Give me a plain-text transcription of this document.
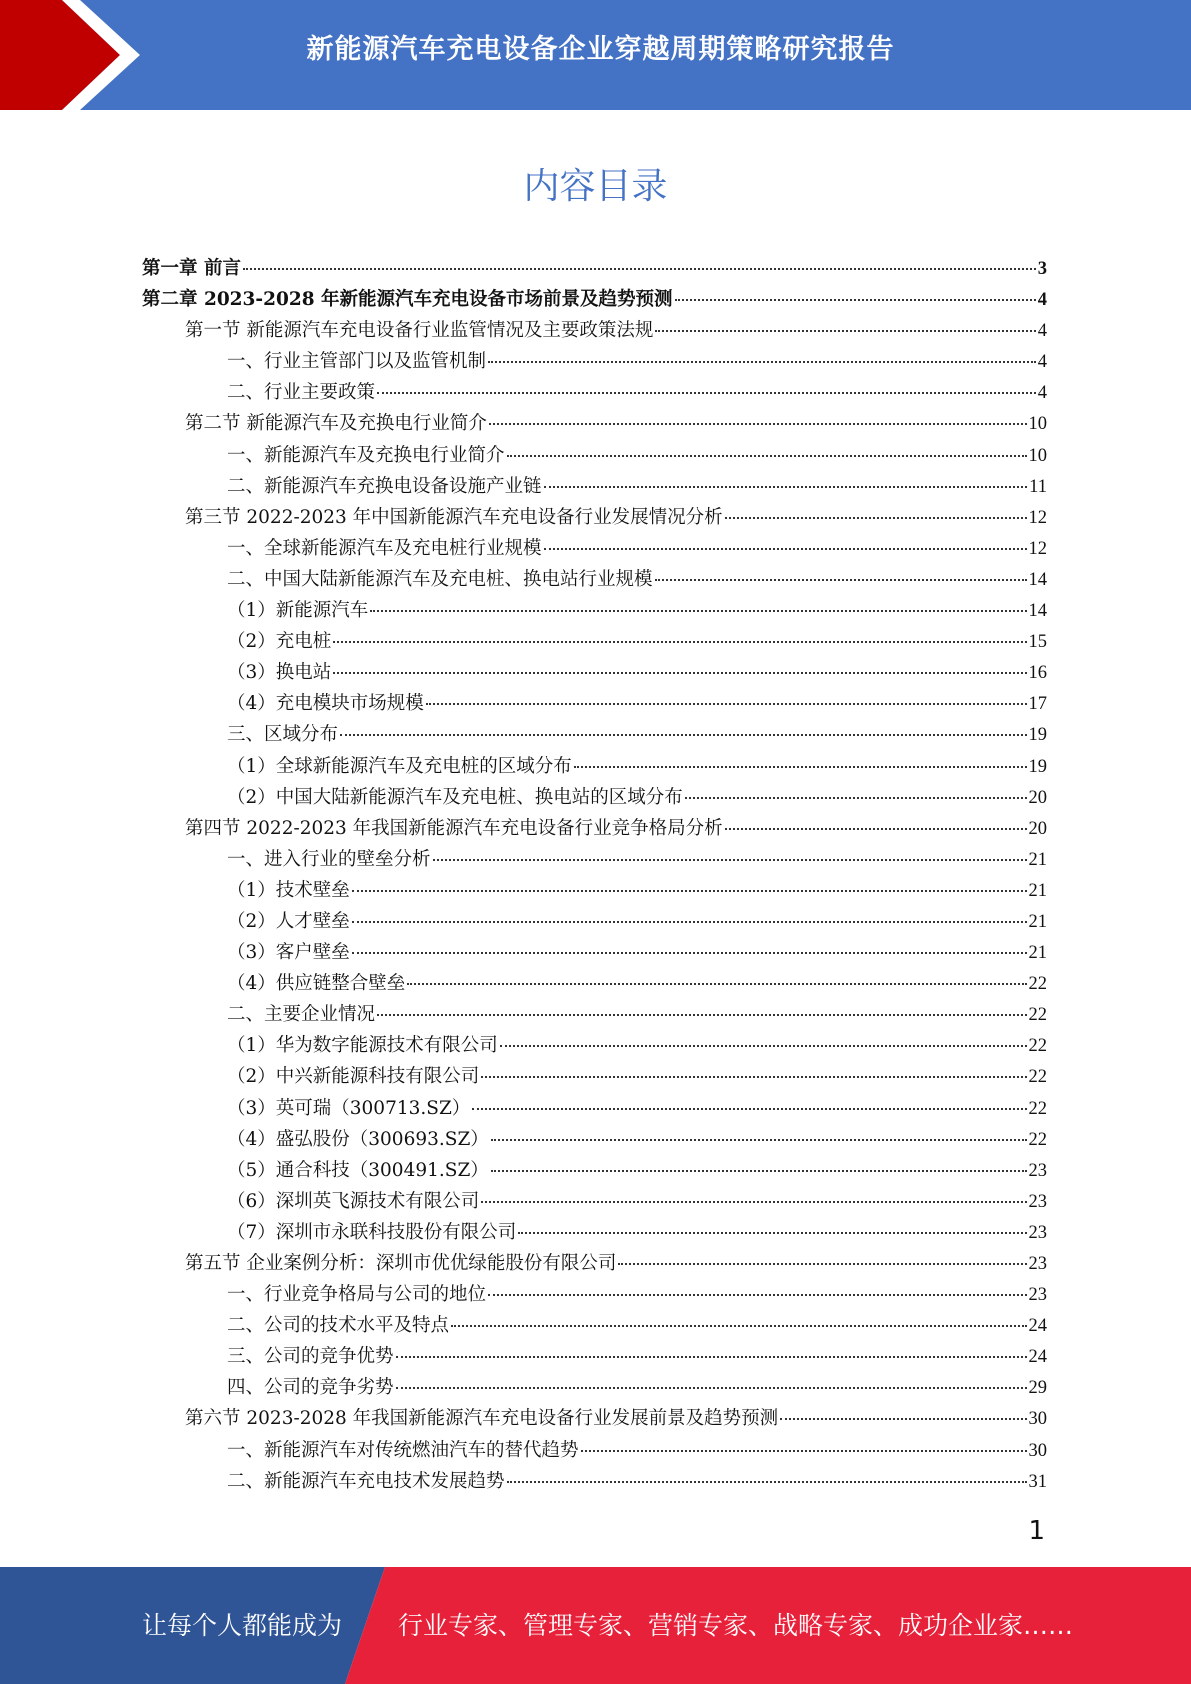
新能源汽车充电设备企业穿越周期策略研究报告
内容目录
第一章 前言	3
第二章 2023-2028 年新能源汽车充电设备市场前景及趋势预测	4
第一节 新能源汽车充电设备行业监管情况及主要政策法规	4
一、行业主管部门以及监管机制	4
二、行业主要政策	4
第二节 新能源汽车及充换电行业简介	10
一、新能源汽车及充换电行业简介	10
二、新能源汽车充换电设备设施产业链	11
第三节 2022-2023 年中国新能源汽车充电设备行业发展情况分析	12
一、全球新能源汽车及充电桩行业规模	12
二、中国大陆新能源汽车及充电桩、换电站行业规模	14
（1）新能源汽车	14
（2）充电桩	15
（3）换电站	16
（4）充电模块市场规模	17
三、区域分布	19
（1）全球新能源汽车及充电桩的区域分布	19
（2）中国大陆新能源汽车及充电桩、换电站的区域分布	20
第四节 2022-2023 年我国新能源汽车充电设备行业竞争格局分析	20
一、进入行业的壁垒分析	21
（1）技术壁垒	21
（2）人才壁垒	21
（3）客户壁垒	21
（4）供应链整合壁垒	22
二、主要企业情况	22
（1）华为数字能源技术有限公司	22
（2）中兴新能源科技有限公司	22
（3）英可瑞（300713.SZ）	22
（4）盛弘股份（300693.SZ）	22
（5）通合科技（300491.SZ）	23
（6）深圳英飞源技术有限公司	23
（7）深圳市永联科技股份有限公司	23
第五节 企业案例分析：深圳市优优绿能股份有限公司	23
一、行业竞争格局与公司的地位	23
二、公司的技术水平及特点	24
三、公司的竞争优势	24
四、公司的竞争劣势	29
第六节 2023-2028 年我国新能源汽车充电设备行业发展前景及趋势预测	30
一、新能源汽车对传统燃油汽车的替代趋势	30
二、新能源汽车充电技术发展趋势	31
1
让每个人都能成为 行业专家、管理专家、营销专家、战略专家、成功企业家……
